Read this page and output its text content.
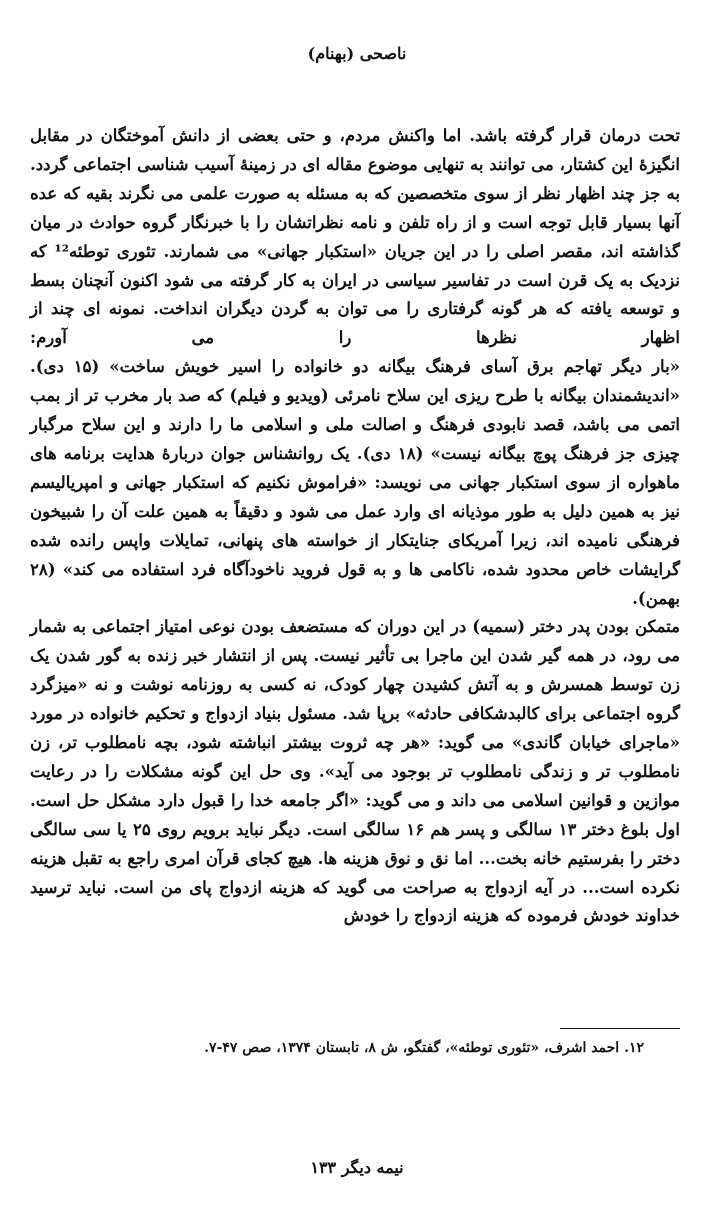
ناصحی (بهنام)

تحت درمان قرار گرفته باشد. اما واکنش مردم، و حتی بعضی از دانش آموختگان در مقابل انگیزهٔ این کشتار، می توانند به تنهایی موضوع مقاله ای در زمینهٔ آسیب شناسی اجتماعی گردد. به جز چند اظهار نظر از سوی متخصصین که به مسئله به صورت علمی می نگرند بقیه که عده آنها بسیار قابل توجه است و از راه تلفن و نامه نظراتشان را با خبرنگار گروه حوادث در میان گذاشته اند، مقصر اصلی را در این جریان «استکبار جهانی» می شمارند. تئوری توطئه¹² که نزدیک به یک قرن است در تفاسیر سیاسی در ایران به کار گرفته می شود اکنون آنچنان بسط و توسعه یافته که هر گونه گرفتاری را می توان به گردن دیگران انداخت. نمونه ای چند از اظهار نظرها را می آورم:

«بار دیگر تهاجم برق آسای فرهنگ بیگانه دو خانواده را اسیر خویش ساخت» (۱۵ دی). «اندیشمندان بیگانه با طرح ریزی این سلاح نامرئی (ویدیو و فیلم) که صد بار مخرب تر از بمب اتمی می باشد، قصد نابودی فرهنگ و اصالت ملی و اسلامی ما را دارند و این سلاح مرگبار چیزی جز فرهنگ پوچ بیگانه نیست» (۱۸ دی). یک روانشناس جوان دربارهٔ هدایت برنامه های ماهواره از سوی استکبار جهانی می نویسد: «فراموش نکنیم که استکبار جهانی و امپریالیسم نیز به همین دلیل به طور موذیانه ای وارد عمل می شود و دقیقاً به همین علت آن را شبیخون فرهنگی نامیده اند، زیرا آمریکای جنایتکار از خواسته های پنهانی، تمایلات واپس رانده شده گرایشات خاص محدود شده، ناکامی ها و به قول فروید ناخودآگاه فرد استفاده می کند» (۲۸ بهمن).

متمکن بودن پدر دختر (سمیه) در این دوران که مستضعف بودن نوعی امتیاز اجتماعی به شمار می رود، در همه گیر شدن این ماجرا بی تأثیر نیست. پس از انتشار خبر زنده به گور شدن یک زن توسط همسرش و به آتش کشیدن چهار کودک، نه کسی به روزنامه نوشت و نه «میزگرد گروه اجتماعی برای کالبدشکافی حادثه» برپا شد. مسئول بنیاد ازدواج و تحکیم خانواده در مورد «ماجرای خیابان گاندی» می گوید: «هر چه ثروت بیشتر انباشته شود، بچه نامطلوب تر، زن نامطلوب تر و زندگی نامطلوب تر بوجود می آید». وی حل این گونه مشکلات را در رعایت موازین و قوانین اسلامی می داند و می گوید: «اگر جامعه خدا را قبول دارد مشکل حل است. اول بلوغ دختر ۱۳ سالگی و پسر هم ۱۶ سالگی است. دیگر نباید برویم روی ۲۵ یا سی سالگی دختر را بفرستیم خانه بخت... اما نق و نوق هزینه ها. هیچ کجای قرآن امری راجع به تقبل هزینه نکرده است... در آیه ازدواج به صراحت می گوید که هزینه ازدواج پای من است. نباید ترسید خداوند خودش فرموده که هزینه ازدواج را خودش

۱۲. احمد اشرف، «تئوری توطئه»، گفتگو، ش ۸، تابستان ۱۳۷۴، صص ۴۷-۷.
نیمه دیگر ۱۳۳
